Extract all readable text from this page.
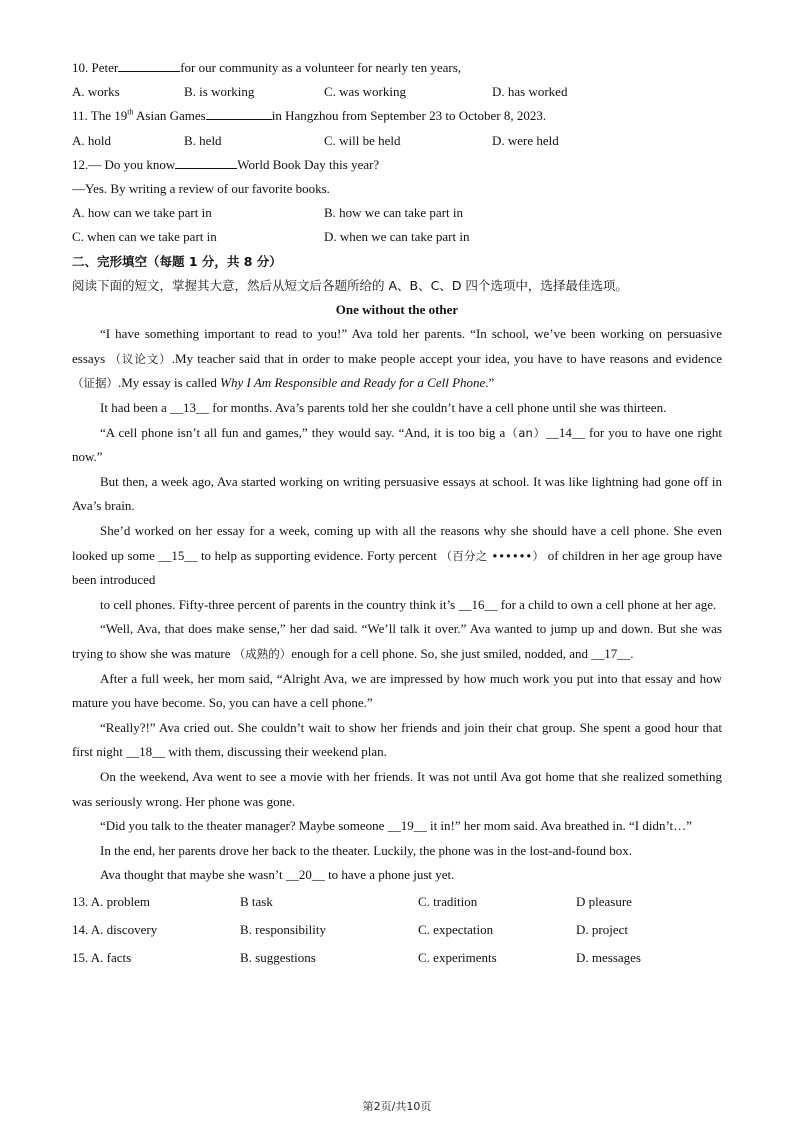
10. Peter	for our community as a volunteer for nearly ten years,
A. works	B. is working	C. was working	D. has worked
11. The 19th Asian Games	in Hangzhou from September 23 to October 8, 2023.
A. hold	B. held	C. will be held	D. were held
12.— Do you know	World Book Day this year?
—Yes. By writing a review of our favorite books.
A. how can we take part in	B. how we can take part in
C. when can we take part in	D. when we can take part in
二、完形填空（每题 1 分，共 8 分）
阅读下面的短文，掌握其大意，然后从短文后各题所给的 A、B、C、D 四个选项中，选择最佳选项。
One without the other
“I have something important to read to you!” Ava told her parents. “In school, we’ve been working on persuasive essays （议论文）.My teacher said that in order to make people accept your idea, you have to have reasons and evidence （证据）.My essay is called Why I Am Responsible and Ready for a Cell Phone.”
It had been a __13__ for months. Ava’s parents told her she couldn’t have a cell phone until she was thirteen.
“A cell phone isn’t all fun and games,” they would say. “And, it is too big a（an）__14__ for you to have one right now.”
But then, a week ago, Ava started working on writing persuasive essays at school. It was like lightning had gone off in Ava’s brain.
She’d worked on her essay for a week, coming up with all the reasons why she should have a cell phone. She even looked up some __15__ to help as supporting evidence. Forty percent （百分之 ••••••） of children in her age group have been introduced
to cell phones. Fifty-three percent of parents in the country think it’s __16__ for a child to own a cell phone at her age.
“Well, Ava, that does make sense,” her dad said. “We’ll talk it over.” Ava wanted to jump up and down. But she was trying to show she was mature （成熟的）enough for a cell phone. So, she just smiled, nodded, and __17__.
After a full week, her mom said, “Alright Ava, we are impressed by how much work you put into that essay and how mature you have become. So, you can have a cell phone.”
“Really?!” Ava cried out. She couldn’t wait to show her friends and join their chat group. She spent a good hour that first night __18__ with them, discussing their weekend plan.
On the weekend, Ava went to see a movie with her friends. It was not until Ava got home that she realized something was seriously wrong. Her phone was gone.
“Did you talk to the theater manager? Maybe someone __19__ it in!” her mom said. Ava breathed in. “I didn’t…”
In the end, her parents drove her back to the theater. Luckily, the phone was in the lost-and-found box.
Ava thought that maybe she wasn’t __20__ to have a phone just yet.
13. A. problem	B task	C. tradition	D pleasure
14. A. discovery	B. responsibility	C. expectation	D. project
15. A. facts	B. suggestions	C. experiments	D. messages
第2页/共10页
